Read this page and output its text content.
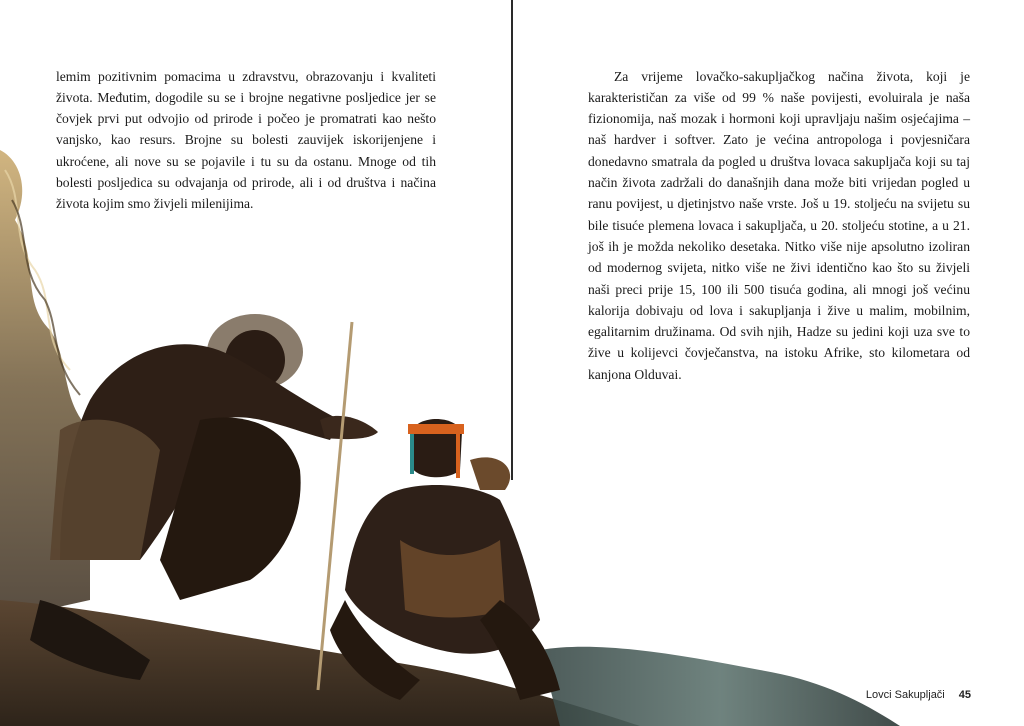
lemim pozitivnim pomacima u zdravstvu, obrazovanju i kvaliteti života. Međutim, dogodile su se i brojne negativne posljedice jer se čovjek prvi put odvojio od prirode i počeo je promatrati kao nešto vanjsko, kao resurs. Brojne su bolesti zauvijek iskorijenjene i ukroćene, ali nove su se pojavile i tu su da ostanu. Mnoge od tih bolesti posljedica su odvajanja od prirode, ali i od društva i načina života kojim smo živjeli milenijima.

Za vrijeme lovačko-sakupljačkog načina života, koji je karakterističan za više od 99 % naše povijesti, evoluirala je naša fizionomija, naš mozak i hormoni koji upravljaju našim osjećajima – naš hardver i softver. Zato je većina antropologa i povjesničara donedavno smatrala da pogled u društva lovaca sakupljača koji su taj način života zadržali do današnjih dana može biti vrijedan pogled u ranu povijest, u djetinjstvo naše vrste. Još u 19. stoljeću na svijetu su bile tisuće plemena lovaca i sakupljača, u 20. stoljeću stotine, a u 21. još ih je možda nekoliko desetaka. Nitko više nije apsolutno izoliran od modernog svijeta, nitko više ne živi identično kao što su živjeli naši preci prije 15, 100 ili 500 tisuća godina, ali mnogi još većinu kalorija dobivaju od lova i sakupljanja i žive u malim, mobilnim, egalitarnim družinama. Od svih njih, Hadze su jedini koji uza sve to žive u kolijevci čovječanstva, na istoku Afrike, sto kilometara od kanjona Olduvai.

Lovci Sakupljači 45
